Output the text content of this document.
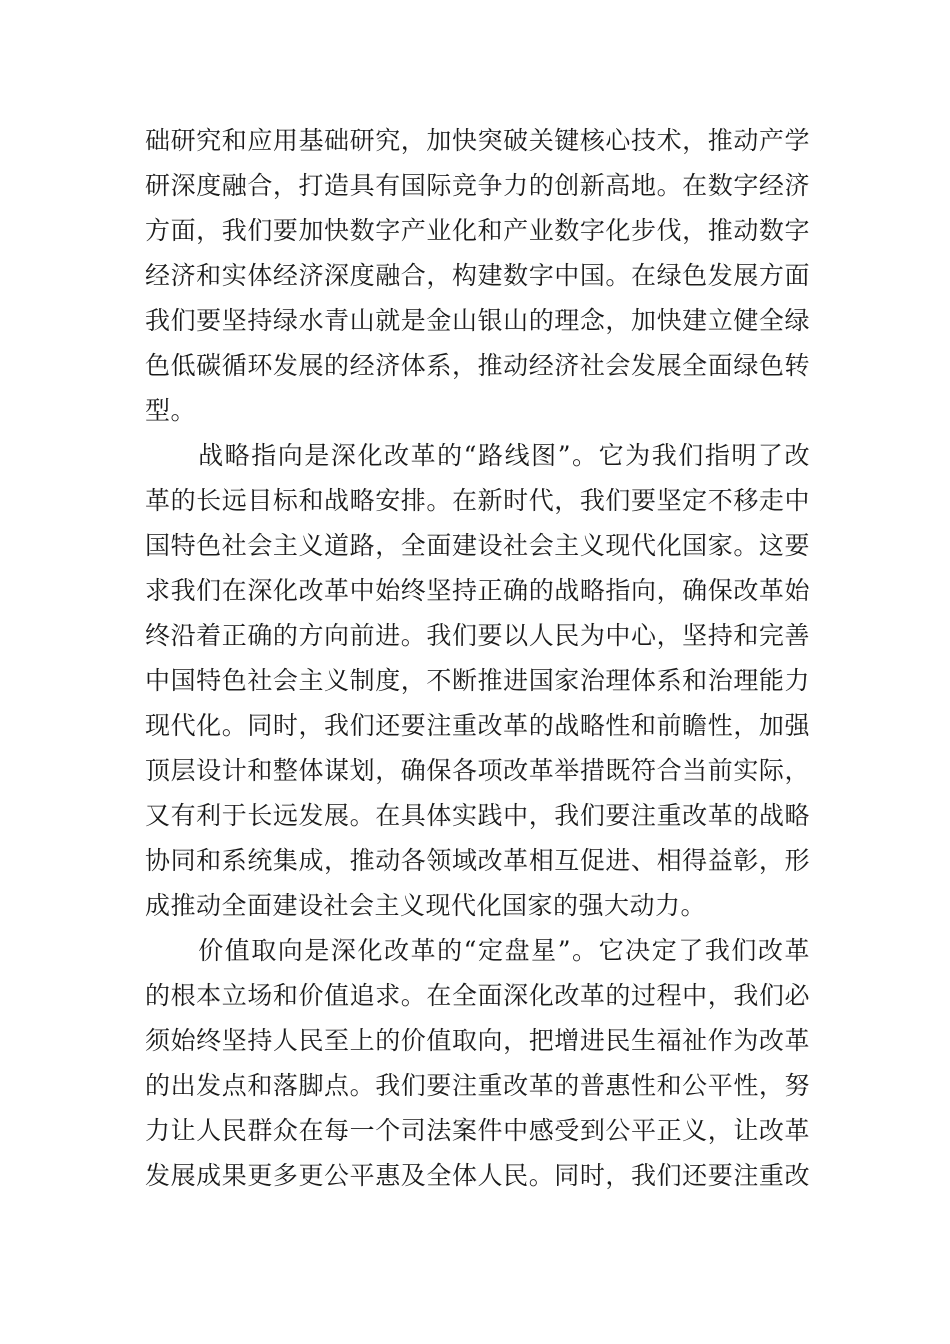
础研究和应用基础研究，加快突破关键核心技术，推动产学
研深度融合，打造具有国际竞争力的创新高地。在数字经济
方面，我们要加快数字产业化和产业数字化步伐，推动数字
经济和实体经济深度融合，构建数字中国。在绿色发展方面
我们要坚持绿水青山就是金山银山的理念，加快建立健全绿
色低碳循环发展的经济体系，推动经济社会发展全面绿色转
型。
　　战略指向是深化改革的“路线图”。它为我们指明了改
革的长远目标和战略安排。在新时代，我们要坚定不移走中
国特色社会主义道路，全面建设社会主义现代化国家。这要
求我们在深化改革中始终坚持正确的战略指向，确保改革始
终沿着正确的方向前进。我们要以人民为中心，坚持和完善
中国特色社会主义制度，不断推进国家治理体系和治理能力
现代化。同时，我们还要注重改革的战略性和前瞻性，加强
顶层设计和整体谋划，确保各项改革举措既符合当前实际，
又有利于长远发展。在具体实践中，我们要注重改革的战略
协同和系统集成，推动各领域改革相互促进、相得益彰，形
成推动全面建设社会主义现代化国家的强大动力。
　　价值取向是深化改革的“定盘星”。它决定了我们改革
的根本立场和价值追求。在全面深化改革的过程中，我们必
须始终坚持人民至上的价值取向，把增进民生福祉作为改革
的出发点和落脚点。我们要注重改革的普惠性和公平性，努
力让人民群众在每一个司法案件中感受到公平正义，让改革
发展成果更多更公平惠及全体人民。同时，我们还要注重改
